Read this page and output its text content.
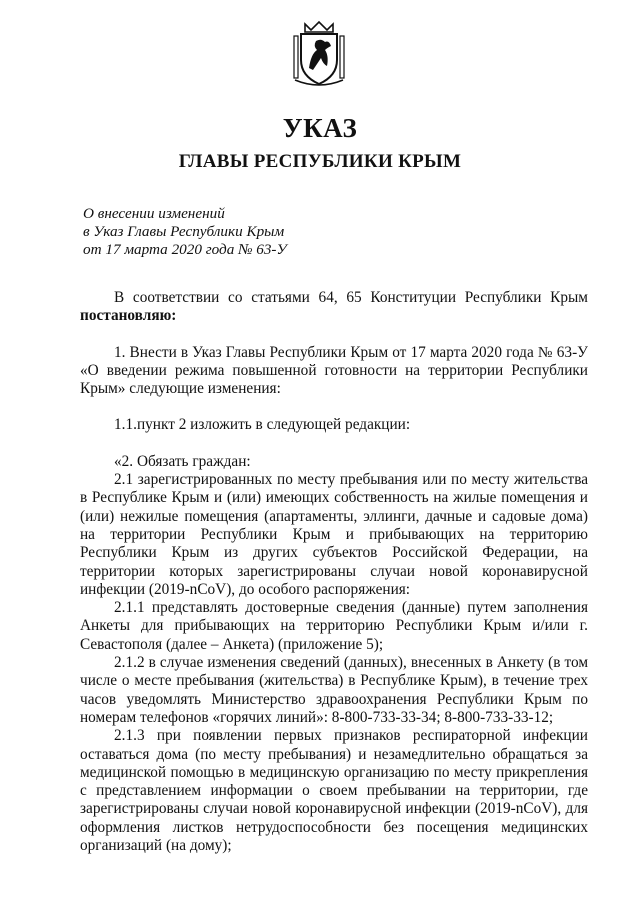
УКАЗ
ГЛАВЫ РЕСПУБЛИКИ КРЫМ
О внесении изменений
в Указ Главы Республики Крым
от 17 марта 2020 года № 63-У

В соответствии со статьями 64, 65 Конституции Республики Крым постановляю:

1. Внести в Указ Главы Республики Крым от 17 марта 2020 года № 63-У «О введении режима повышенной готовности на территории Республики Крым» следующие изменения:

1.1.пункт 2 изложить в следующей редакции:

«2. Обязать граждан:

2.1 зарегистрированных по месту пребывания или по месту жительства в Республике Крым и (или) имеющих собственность на жилые помещения и (или) нежилые помещения (апартаменты, эллинги, дачные и садовые дома) на территории Республики Крым и прибывающих на территорию Республики Крым из других субъектов Российской Федерации, на территории которых зарегистрированы случаи новой коронавирусной инфекции (2019-nCoV), до особого распоряжения:

2.1.1 представлять достоверные сведения (данные) путем заполнения Анкеты для прибывающих на территорию Республики Крым и/или г. Севастополя (далее – Анкета) (приложение 5);

2.1.2 в случае изменения сведений (данных), внесенных в Анкету (в том числе о месте пребывания (жительства) в Республике Крым), в течение трех часов уведомлять Министерство здравоохранения Республики Крым по номерам телефонов «горячих линий»: 8-800-733-33-34; 8-800-733-33-12;

2.1.3 при появлении первых признаков респираторной инфекции оставаться дома (по месту пребывания) и незамедлительно обращаться за медицинской помощью в медицинскую организацию по месту прикрепления с представлением информации о своем пребывании на территории, где зарегистрированы случаи новой коронавирусной инфекции (2019-nCoV), для оформления листков нетрудоспособности без посещения медицинских организаций (на дому);
